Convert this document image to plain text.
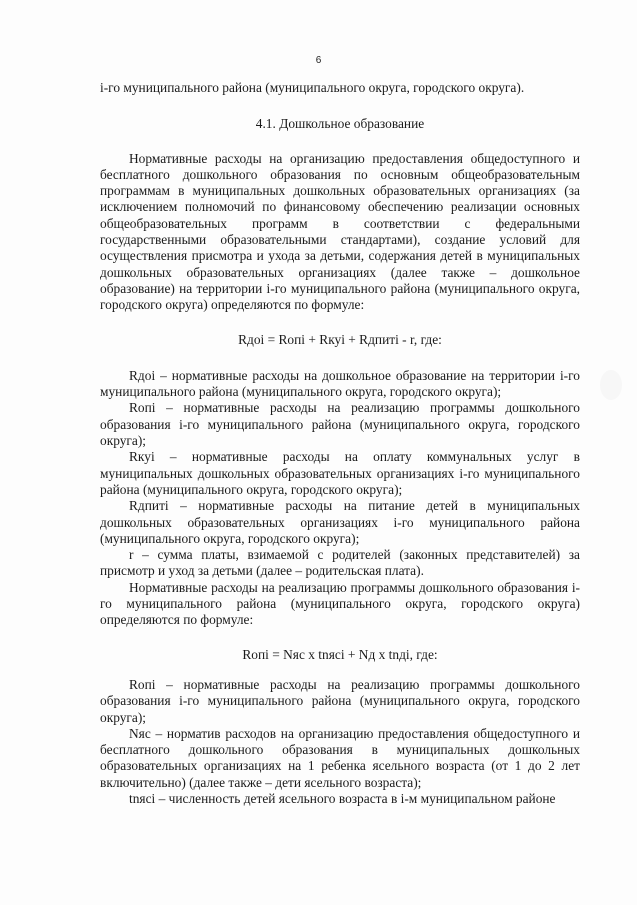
6

i-го муниципального района (муниципального округа, городского округа).

4.1. Дошкольное образование

Нормативные расходы на организацию предоставления общедоступного и бесплатного дошкольного образования по основным общеобразовательным программам в муниципальных дошкольных образовательных организациях (за исключением полномочий по финансовому обеспечению реализации основных общеобразовательных программ в соответствии с федеральными государственными образовательными стандартами), создание условий для осуществления присмотра и ухода за детьми, содержания детей в муниципальных дошкольных образовательных организациях (далее также – дошкольное образование) на территории i-го муниципального района (муниципального округа, городского округа) определяются по формуле:

Rдоi = Rопi + Rкуi + Rдпитi - r, где:

Rдоi – нормативные расходы на дошкольное образование на территории i-го муниципального района (муниципального округа, городского округа);

Rопi – нормативные расходы на реализацию программы дошкольного образования i-го муниципального района (муниципального округа, городского округа);

Rкуi – нормативные расходы на оплату коммунальных услуг в муниципальных дошкольных образовательных организациях i-го муниципального района (муниципального округа, городского округа);

Rдпитi – нормативные расходы на питание детей в муниципальных дошкольных образовательных организациях i-го муниципального района (муниципального округа, городского округа);

r – сумма платы, взимаемой с родителей (законных представителей) за присмотр и уход за детьми (далее – родительская плата).

Нормативные расходы на реализацию программы дошкольного образования i-го муниципального района (муниципального округа, городского округа) определяются по формуле:

Rопi = Nяс x tnясi + Nд x tnдi, где:

Rопi – нормативные расходы на реализацию программы дошкольного образования i-го муниципального района (муниципального округа, городского округа);

Nяс – норматив расходов на организацию предоставления общедоступного и бесплатного дошкольного образования в муниципальных дошкольных образовательных организациях на 1 ребенка ясельного возраста (от 1 до 2 лет включительно) (далее также – дети ясельного возраста);

tnясi – численность детей ясельного возраста в i-м муниципальном районе
